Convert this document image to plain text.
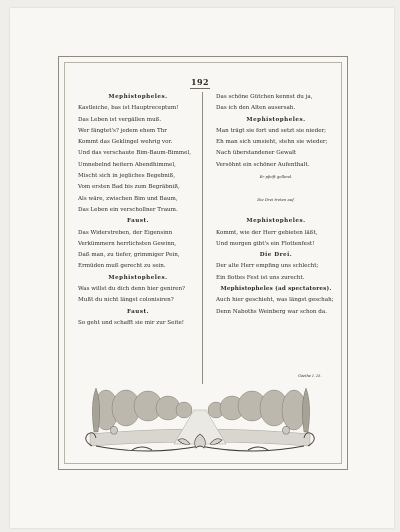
192
Mephistopheles.
Kastleiche, bas ist Hauptreceptum!
Das Leben ist vergällen muß.
Wer fängtet's? jedem ehem Thr
Kommt das Geklingel wehrig vor.
Und das verschaute Bim-Baum-Bimmel,
Umnebelnd heitern Abendhimmel,
Mischt sich in jegliches Begebniß,
Vom ersten Bad bis zum Begräbniß,
Als wäre, zwischen Bim und Baum,
Das Leben ein verschollner Traum.
Faust.
Das Widerstreben, der Eigensinn
Verkümmern herrlichsten Gewinn,
Daß man, zu tiefer, grimmiger Pein,
Ermüden muß gerecht zu sein.
Mephistopheles.
Was willst du dich denn hier geniren?
Mußt du nicht längst colonisiren?
Faust.
So geht und schafft sie mir zur Seite!
Das schöne Gütchen kennst du ja,
Das ich den Alten ausersah.
Mephistopheles.
Man trägt sie fort und setzt sie nieder;
Eh man sich umsieht, stehn sie wieder;
Nach überstandener Gewalt
Versöhnt ein schöner Aufenthalt.
Er pfeift gellend.
Die Drei treten auf.
Mephistopheles.
Kommt, wie der Herr gebieten läßt,
Und morgen gibt's ein Flottenfest!
Die Drei.
Der alte Herr empfing uns schlecht;
Ein flottes Fest ist uns zurecht.
Mephistopheles (ad spectatores).
Auch hier geschieht, was längst geschah;
Denn Naboths Weinberg war schon da.
Göethe I. 25.
